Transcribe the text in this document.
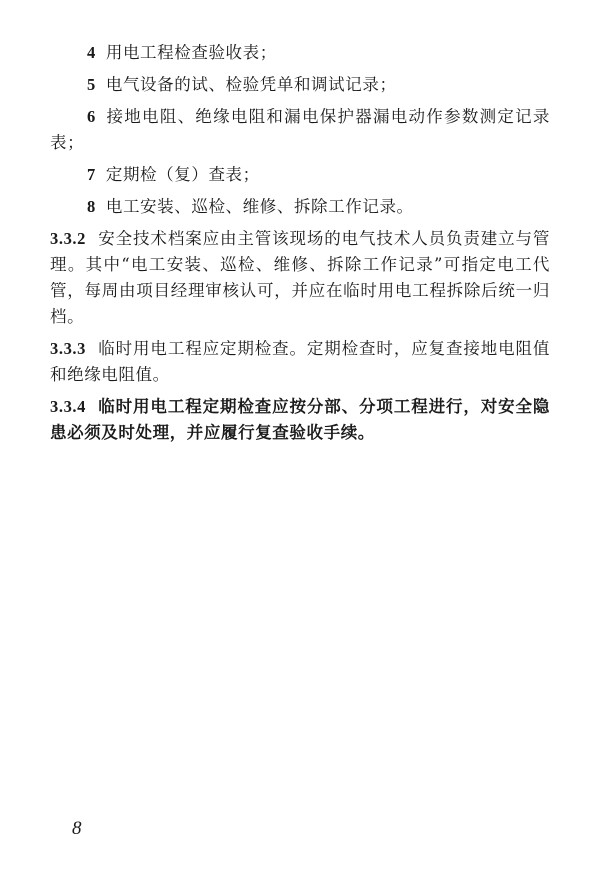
4 用电工程检查验收表；

5 电气设备的试、检验凭单和调试记录；

6 接地电阻、绝缘电阻和漏电保护器漏电动作参数测定记录表；

7 定期检（复）查表；

8 电工安装、巡检、维修、拆除工作记录。

3.3.2 安全技术档案应由主管该现场的电气技术人员负责建立与管理。其中“电工安装、巡检、维修、拆除工作记录”可指定电工代管，每周由项目经理审核认可，并应在临时用电工程拆除后统一归档。

3.3.3 临时用电工程应定期检查。定期检查时，应复查接地电阻值和绝缘电阻值。

3.3.4 临时用电工程定期检查应按分部、分项工程进行，对安全隐患必须及时处理，并应履行复查验收手续。

8
